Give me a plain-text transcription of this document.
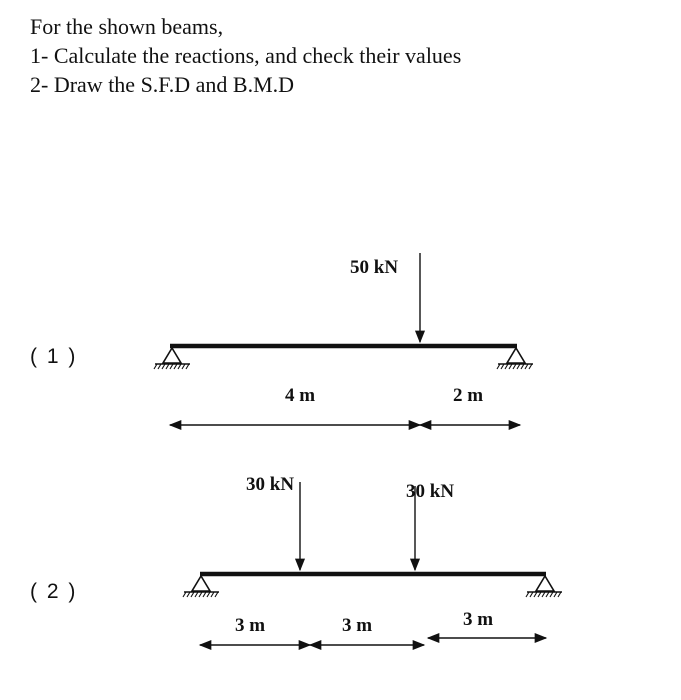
For the shown beams,
1- Calculate the reactions, and check their values
2- Draw the S.F.D and B.M.D
( 1 )
( 2 )
50 kN
4 m	2 m
30 kN	30 kN
3 m	3 m	3 m
